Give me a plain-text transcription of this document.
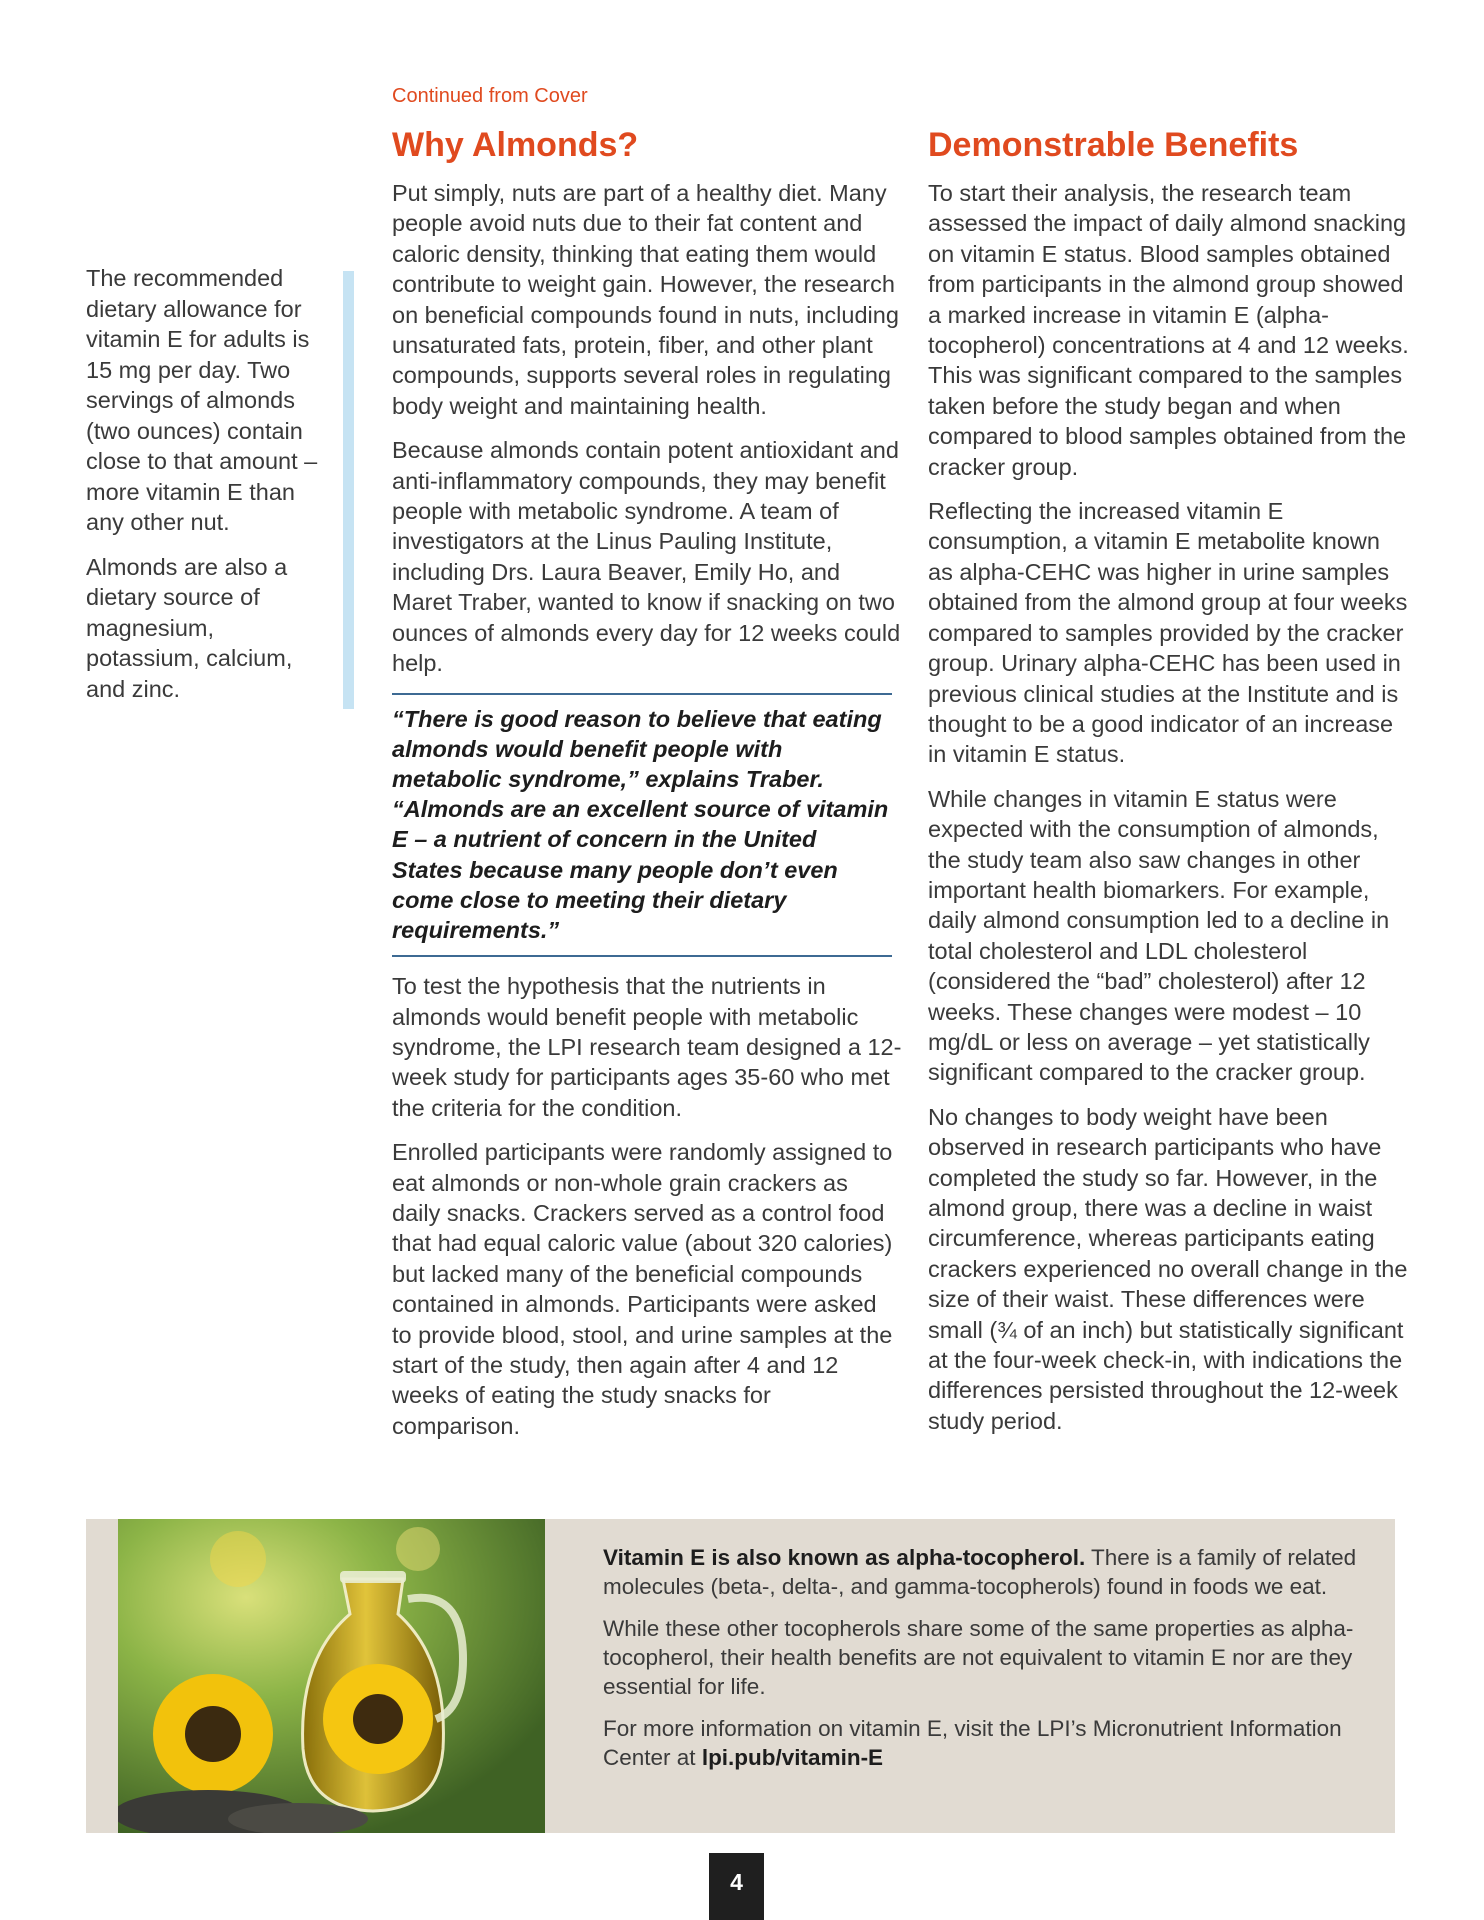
Continued from Cover

The recommended dietary allowance for vitamin E for adults is 15 mg per day. Two servings of almonds (two ounces) contain close to that amount – more vitamin E than any other nut.

Almonds are also a dietary source of magnesium, potassium, calcium, and zinc.

Why Almonds?

Put simply, nuts are part of a healthy diet. Many people avoid nuts due to their fat content and caloric density, thinking that eating them would contribute to weight gain. However, the research on beneficial compounds found in nuts, including unsaturated fats, protein, fiber, and other plant compounds, supports several roles in regulating body weight and maintaining health.

Because almonds contain potent antioxidant and anti-inflammatory compounds, they may benefit people with metabolic syndrome. A team of investigators at the Linus Pauling Institute, including Drs. Laura Beaver, Emily Ho, and Maret Traber, wanted to know if snacking on two ounces of almonds every day for 12 weeks could help.

“There is good reason to believe that eating almonds would benefit people with metabolic syndrome,” explains Traber. “Almonds are an excellent source of vitamin E – a nutrient of concern in the United States because many people don’t even come close to meeting their dietary requirements.”

To test the hypothesis that the nutrients in almonds would benefit people with metabolic syndrome, the LPI research team designed a 12-week study for participants ages 35-60 who met the criteria for the condition.

Enrolled participants were randomly assigned to eat almonds or non-whole grain crackers as daily snacks. Crackers served as a control food that had equal caloric value (about 320 calories) but lacked many of the beneficial compounds contained in almonds. Participants were asked to provide blood, stool, and urine samples at the start of the study, then again after 4 and 12 weeks of eating the study snacks for comparison.

Demonstrable Benefits

To start their analysis, the research team assessed the impact of daily almond snacking on vitamin E status. Blood samples obtained from participants in the almond group showed a marked increase in vitamin E (alpha-tocopherol) concentrations at 4 and 12 weeks. This was significant compared to the samples taken before the study began and when compared to blood samples obtained from the cracker group.

Reflecting the increased vitamin E consumption, a vitamin E metabolite known as alpha-CEHC was higher in urine samples obtained from the almond group at four weeks compared to samples provided by the cracker group. Urinary alpha-CEHC has been used in previous clinical studies at the Institute and is thought to be a good indicator of an increase in vitamin E status.

While changes in vitamin E status were expected with the consumption of almonds, the study team also saw changes in other important health biomarkers. For example, daily almond consumption led to a decline in total cholesterol and LDL cholesterol (considered the “bad” cholesterol) after 12 weeks. These changes were modest – 10 mg/dL or less on average – yet statistically significant compared to the cracker group.

No changes to body weight have been observed in research participants who have completed the study so far. However, in the almond group, there was a decline in waist circumference, whereas participants eating crackers experienced no overall change in the size of their waist. These differences were small (¾ of an inch) but statistically significant at the four-week check-in, with indications the differences persisted throughout the 12-week study period.

Vitamin E is also known as alpha-tocopherol. There is a family of related molecules (beta-, delta-, and gamma-tocopherols) found in foods we eat.

While these other tocopherols share some of the same properties as alpha-tocopherol, their health benefits are not equivalent to vitamin E nor are they essential for life.

For more information on vitamin E, visit the LPI’s Micronutrient Information Center at lpi.pub/vitamin-E

4
